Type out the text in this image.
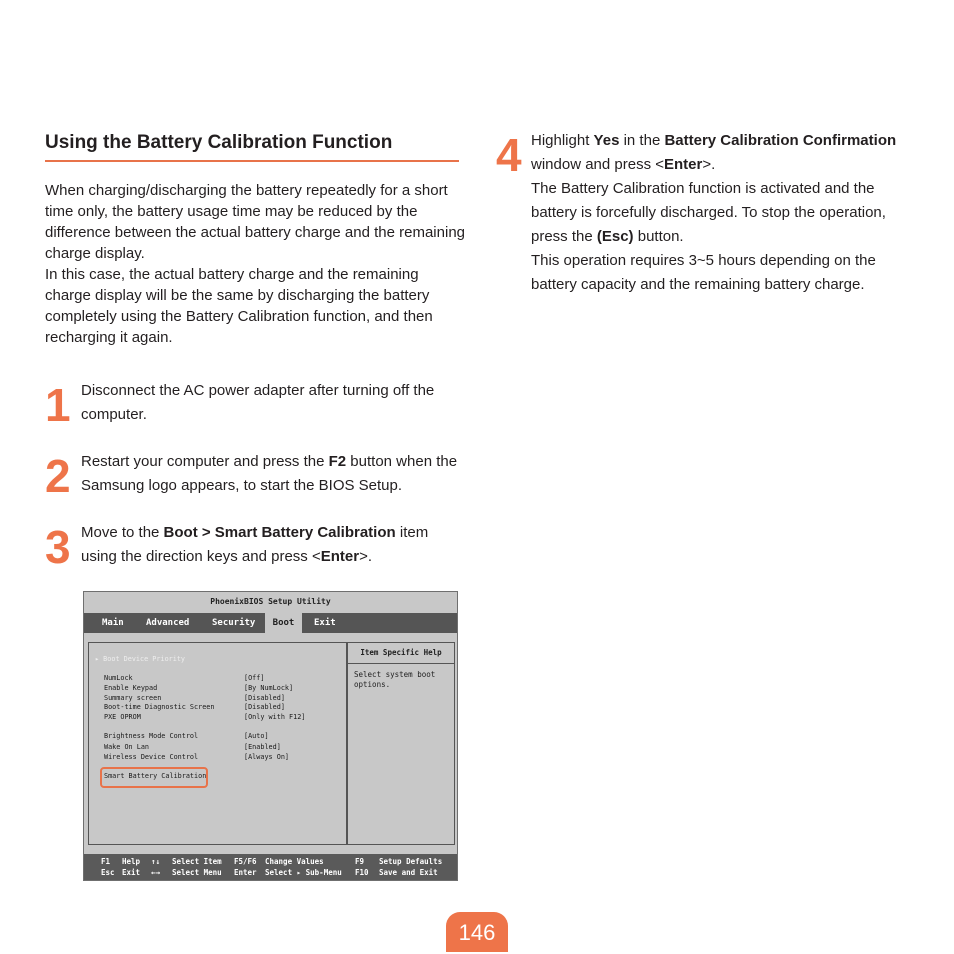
Using the Battery Calibration Function

When charging/discharging the battery repeatedly for a short time only, the battery usage time may be reduced by the difference between the actual battery charge and the remaining charge display.

In this case, the actual battery charge and the remaining charge display will be the same by discharging the battery completely using the Battery Calibration function, and then recharging it again.

1 Disconnect the AC power adapter after turning off the computer.
2 Restart your computer and press the F2 button when the Samsung logo appears, to start the BIOS Setup.
3 Move to the Boot > Smart Battery Calibration item using the direction keys and press <Enter>.
4 Highlight Yes in the Battery Calibration Confirmation window and press <Enter>.
The Battery Calibration function is activated and the battery is forcefully discharged. To stop the operation, press the (Esc) button.
This operation requires 3~5 hours depending on the battery capacity and the remaining battery charge.
PhoenixBIOS Setup Utility
Main Advanced	Security	Boot	Exit
▸ Boot Device Priority
NumLock	[Off]
Enable Keypad	[By NumLock]
Summary screen	[Disabled]
Boot-time Diagnostic Screen	[Disabled]
PXE OPROM	[Only with F12]
Brightness Mode Control	[Auto]
Wake On Lan	[Enabled]
Wireless Device Control	[Always On]
Smart Battery Calibration
Item Specific Help
Select system boot options.
F1 Help ↑↓ Select Item F5/F6 Change Values	F9 Setup Defaults
Esc Exit ←→ Select Menu Enter Select ▸ Sub-Menu F10 Save and Exit
146
